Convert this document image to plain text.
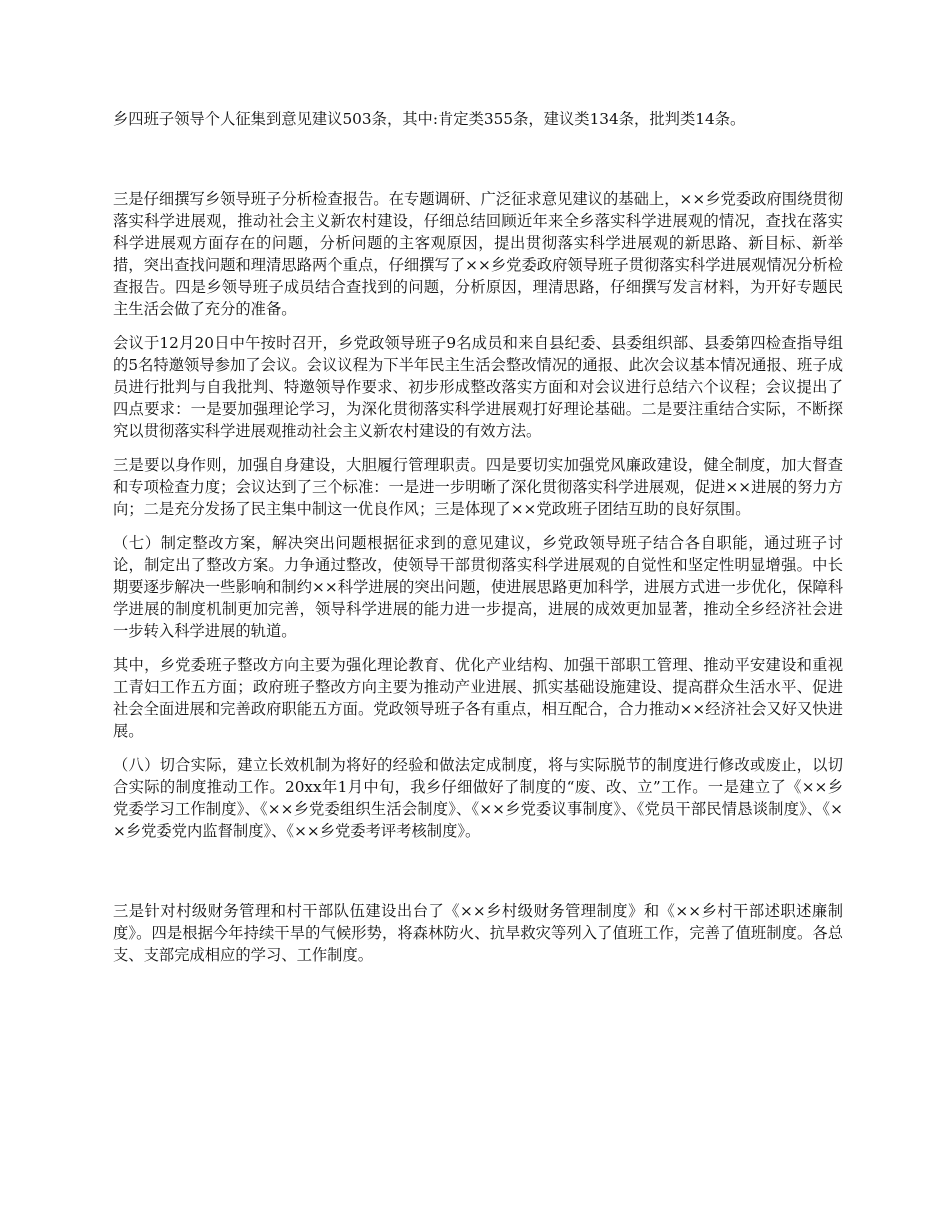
乡四班子领导个人征集到意见建议503条，其中:肯定类355条，建议类134条，批判类14条。

三是仔细撰写乡领导班子分析检查报告。在专题调研、广泛征求意见建议的基础上，××乡党委政府围绕贯彻落实科学进展观，推动社会主义新农村建设，仔细总结回顾近年来全乡落实科学进展观的情况，查找在落实科学进展观方面存在的问题，分析问题的主客观原因，提出贯彻落实科学进展观的新思路、新目标、新举措，突出查找问题和理清思路两个重点，仔细撰写了××乡党委政府领导班子贯彻落实科学进展观情况分析检查报告。四是乡领导班子成员结合查找到的问题，分析原因，理清思路，仔细撰写发言材料，为开好专题民主生活会做了充分的准备。

会议于12月20日中午按时召开，乡党政领导班子9名成员和来自县纪委、县委组织部、县委第四检查指导组的5名特邀领导参加了会议。会议议程为下半年民主生活会整改情况的通报、此次会议基本情况通报、班子成员进行批判与自我批判、特邀领导作要求、初步形成整改落实方面和对会议进行总结六个议程；会议提出了四点要求：一是要加强理论学习，为深化贯彻落实科学进展观打好理论基础。二是要注重结合实际，不断探究以贯彻落实科学进展观推动社会主义新农村建设的有效方法。

三是要以身作则，加强自身建设，大胆履行管理职责。四是要切实加强党风廉政建设，健全制度，加大督查和专项检查力度；会议达到了三个标准：一是进一步明晰了深化贯彻落实科学进展观，促进××进展的努力方向；二是充分发扬了民主集中制这一优良作风；三是体现了××党政班子团结互助的良好氛围。

（七）制定整改方案，解决突出问题根据征求到的意见建议，乡党政领导班子结合各自职能，通过班子讨论，制定出了整改方案。力争通过整改，使领导干部贯彻落实科学进展观的自觉性和坚定性明显增强。中长期要逐步解决一些影响和制约××科学进展的突出问题，使进展思路更加科学，进展方式进一步优化，保障科学进展的制度机制更加完善，领导科学进展的能力进一步提高，进展的成效更加显著，推动全乡经济社会进一步转入科学进展的轨道。

其中，乡党委班子整改方向主要为强化理论教育、优化产业结构、加强干部职工管理、推动平安建设和重视工青妇工作五方面；政府班子整改方向主要为推动产业进展、抓实基础设施建设、提高群众生活水平、促进社会全面进展和完善政府职能五方面。党政领导班子各有重点，相互配合，合力推动××经济社会又好又快进展。

（八）切合实际，建立长效机制为将好的经验和做法定成制度，将与实际脱节的制度进行修改或废止，以切合实际的制度推动工作。20xx年1月中旬，我乡仔细做好了制度的“废、改、立”工作。一是建立了《××乡党委学习工作制度》、《××乡党委组织生活会制度》、《××乡党委议事制度》、《党员干部民情恳谈制度》、《××乡党委党内监督制度》、《××乡党委考评考核制度》。

三是针对村级财务管理和村干部队伍建设出台了《××乡村级财务管理制度》和《××乡村干部述职述廉制度》。四是根据今年持续干旱的气候形势，将森林防火、抗旱救灾等列入了值班工作，完善了值班制度。各总支、支部完成相应的学习、工作制度。
